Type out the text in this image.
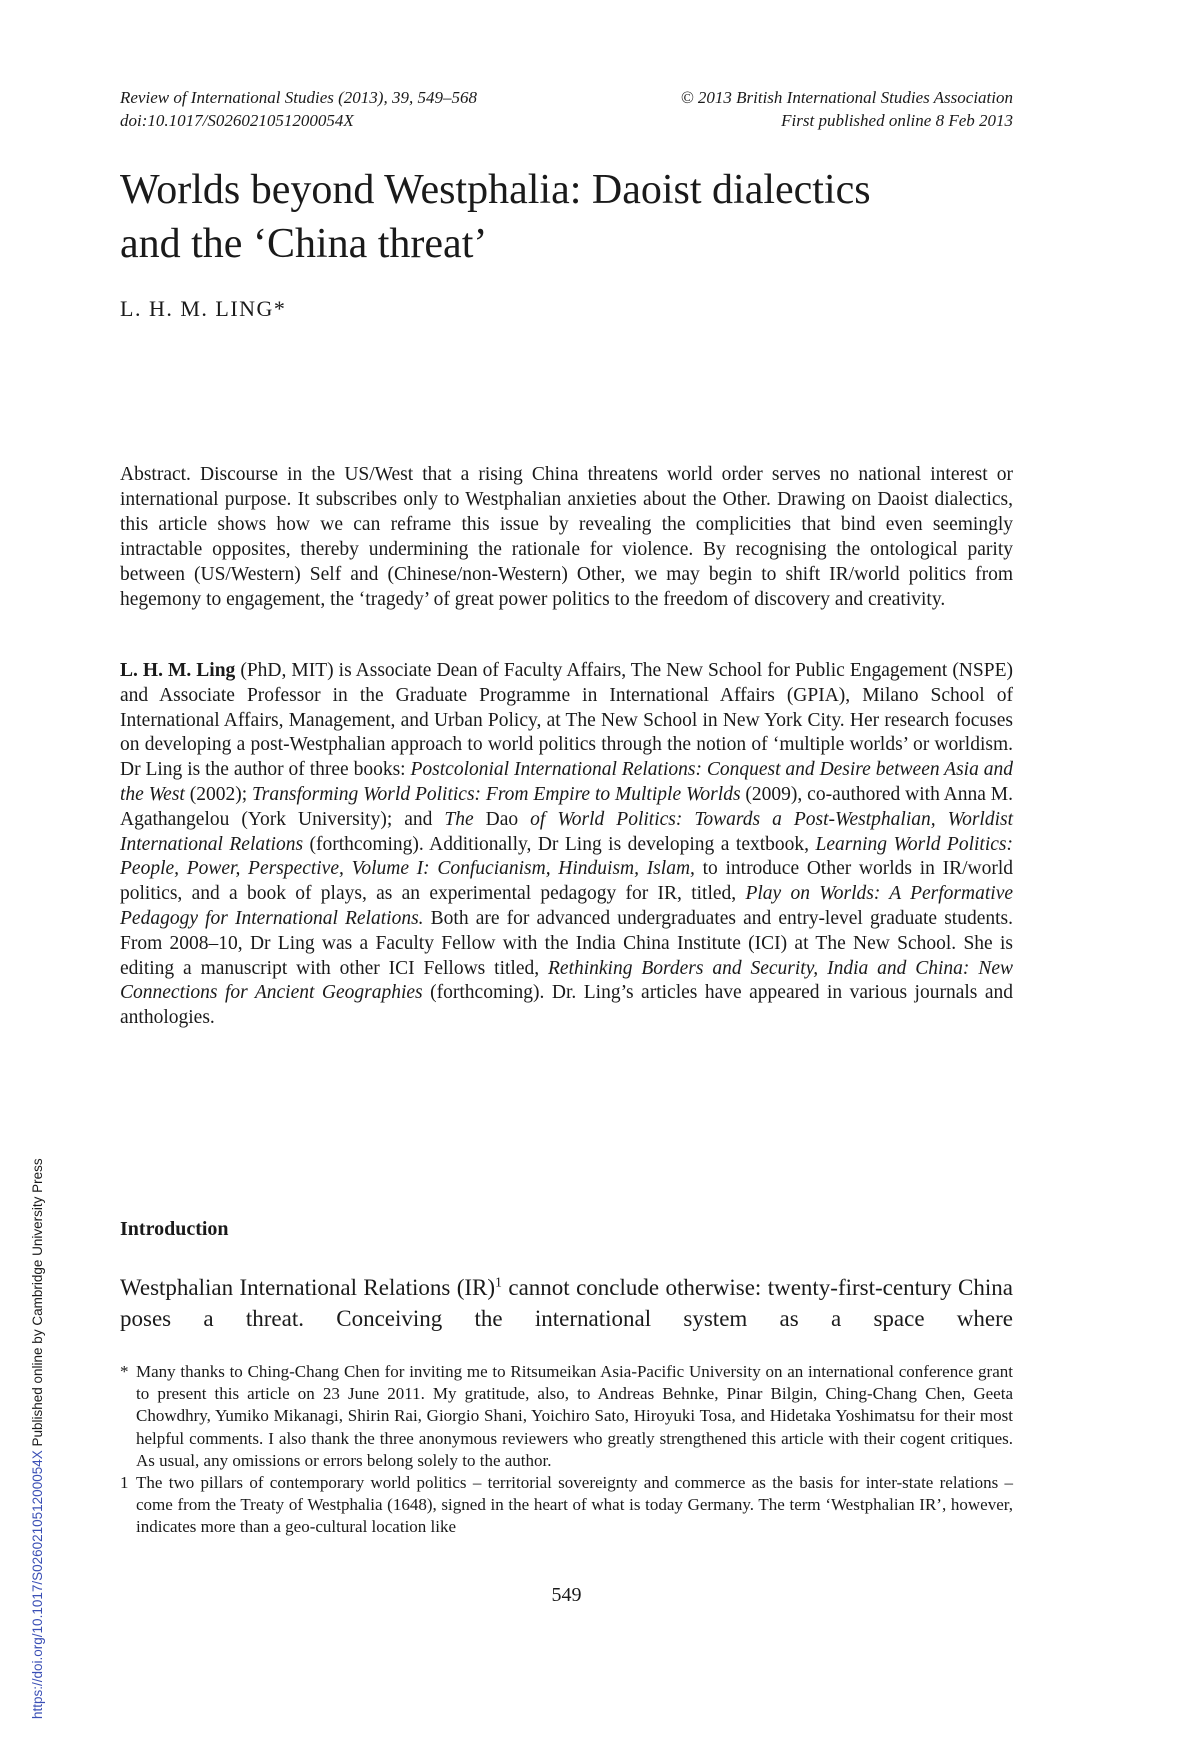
Review of International Studies (2013), 39, 549–568
doi:10.1017/S026021051200054X
© 2013 British International Studies Association
First published online 8 Feb 2013
Worlds beyond Westphalia: Daoist dialectics
and the ‘China threat’
L. H. M. LING*

Abstract. Discourse in the US/West that a rising China threatens world order serves no national interest or international purpose. It subscribes only to Westphalian anxieties about the Other. Drawing on Daoist dialectics, this article shows how we can reframe this issue by revealing the complicities that bind even seemingly intractable opposites, thereby undermining the rationale for violence. By recognising the ontological parity between (US/Western) Self and (Chinese/non-Western) Other, we may begin to shift IR/world politics from hegemony to engagement, the ‘tragedy’ of great power politics to the freedom of discovery and creativity.

L. H. M. Ling (PhD, MIT) is Associate Dean of Faculty Affairs, The New School for Public Engagement (NSPE) and Associate Professor in the Graduate Programme in International Affairs (GPIA), Milano School of International Affairs, Management, and Urban Policy, at The New School in New York City. Her research focuses on developing a post-Westphalian approach to world politics through the notion of ‘multiple worlds’ or worldism. Dr Ling is the author of three books: Postcolonial International Relations: Conquest and Desire between Asia and the West (2002); Transforming World Politics: From Empire to Multiple Worlds (2009), co-authored with Anna M. Agathangelou (York University); and The Dao of World Politics: Towards a Post-Westphalian, Worldist International Relations (forthcoming). Additionally, Dr Ling is developing a textbook, Learning World Politics: People, Power, Perspective, Volume I: Confucianism, Hinduism, Islam, to introduce Other worlds in IR/world politics, and a book of plays, as an experimental pedagogy for IR, titled, Play on Worlds: A Performative Pedagogy for International Relations. Both are for advanced undergraduates and entry-level graduate students. From 2008–10, Dr Ling was a Faculty Fellow with the India China Institute (ICI) at The New School. She is editing a manuscript with other ICI Fellows titled, Rethinking Borders and Security, India and China: New Connections for Ancient Geographies (forthcoming). Dr. Ling’s articles have appeared in various journals and anthologies.

Introduction

Westphalian International Relations (IR)$^1$ cannot conclude otherwise: twenty-first-century China poses a threat. Conceiving the international system as a space where

* Many thanks to Ching-Chang Chen for inviting me to Ritsumeikan Asia-Pacific University on an international conference grant to present this article on 23 June 2011. My gratitude, also, to Andreas Behnke, Pinar Bilgin, Ching-Chang Chen, Geeta Chowdhry, Yumiko Mikanagi, Shirin Rai, Giorgio Shani, Yoichiro Sato, Hiroyuki Tosa, and Hidetaka Yoshimatsu for their most helpful comments. I also thank the three anonymous reviewers who greatly strengthened this article with their cogent critiques. As usual, any omissions or errors belong solely to the author.

1 The two pillars of contemporary world politics – territorial sovereignty and commerce as the basis for inter-state relations – come from the Treaty of Westphalia (1648), signed in the heart of what is today Germany. The term ‘Westphalian IR’, however, indicates more than a geo-cultural location like

549
https://doi.org/10.1017/S026021051200054X Published online by Cambridge University Press
